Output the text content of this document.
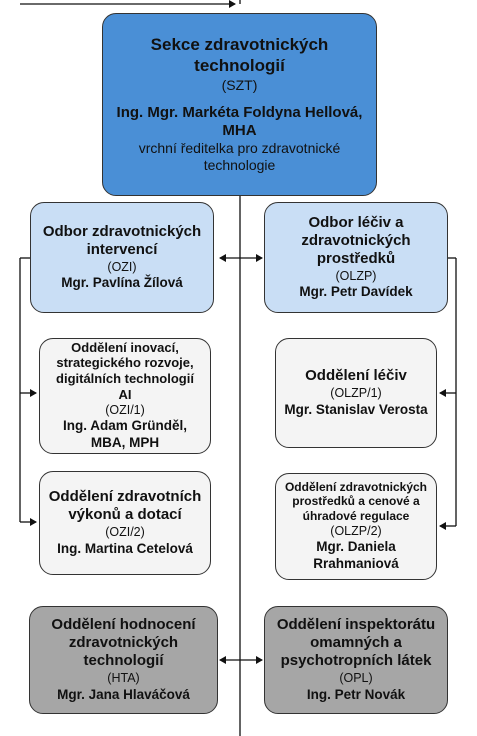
Sekce zdravotnických technologií
(SZT)
Ing. Mgr. Markéta Foldyna Hellová, MHA
vrchní ředitelka pro zdravotnické technologie
Odbor zdravotnických intervencí
(OZI)
Mgr. Pavlína Žílová
Odbor léčiv a zdravotnických prostředků
(OLZP)
Mgr. Petr Davídek
Oddělení inovací, strategického rozvoje, digitálních technologií AI
(OZI/1)
Ing. Adam Gründěl, MBA, MPH
Oddělení léčiv
(OLZP/1)
Mgr. Stanislav Verosta
Oddělení zdravotních výkonů a dotací
(OZI/2)
Ing. Martina Cetelová
Oddělení zdravotnických prostředků a cenové a úhradové regulace
(OLZP/2)
Mgr. Daniela Rrahmaniová
Oddělení hodnocení zdravotnických technologií
(HTA)
Mgr. Jana Hlaváčová
Oddělení inspektorátu omamných a psychotropních látek
(OPL)
Ing. Petr Novák
